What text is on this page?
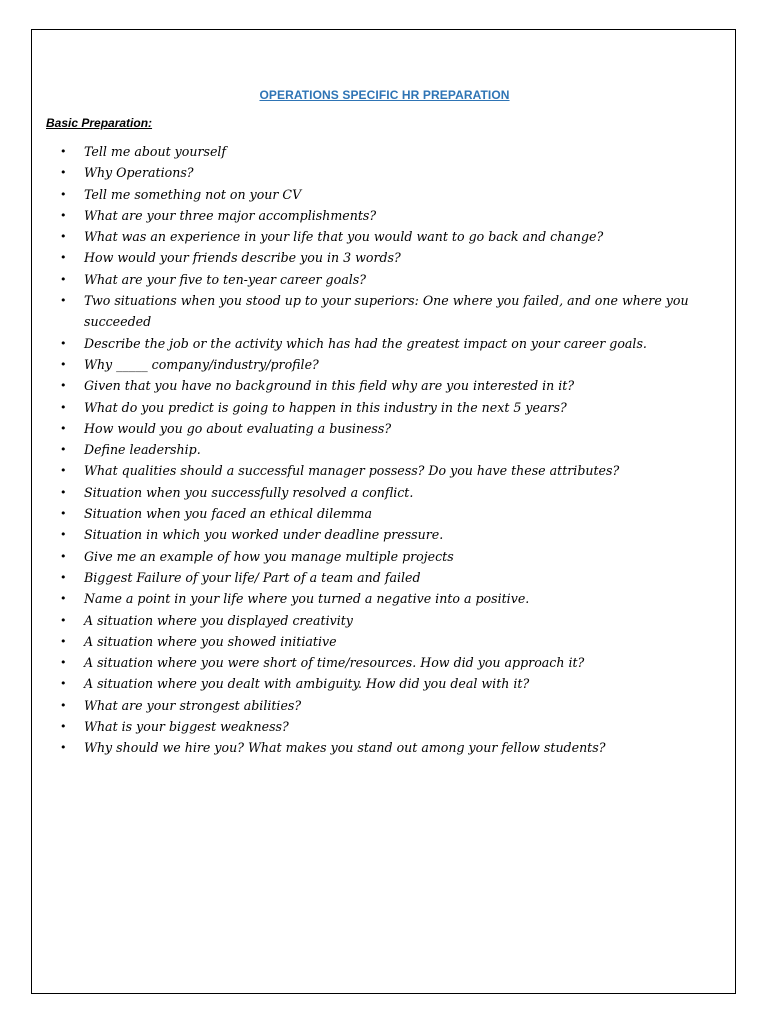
OPERATIONS SPECIFIC HR PREPARATION
Basic Preparation:
• Tell me about yourself
• Why Operations?
• Tell me something not on your CV
• What are your three major accomplishments?
• What was an experience in your life that you would want to go back and change?
• How would your friends describe you in 3 words?
• What are your five to ten-year career goals?
• Two situations when you stood up to your superiors: One where you failed, and one where you succeeded
• Describe the job or the activity which has had the greatest impact on your career goals.
• Why _____ company/industry/profile?
• Given that you have no background in this field why are you interested in it?
• What do you predict is going to happen in this industry in the next 5 years?
• How would you go about evaluating a business?
• Define leadership.
• What qualities should a successful manager possess? Do you have these attributes?
• Situation when you successfully resolved a conflict.
• Situation when you faced an ethical dilemma
• Situation in which you worked under deadline pressure.
• Give me an example of how you manage multiple projects
• Biggest Failure of your life/ Part of a team and failed
• Name a point in your life where you turned a negative into a positive.
• A situation where you displayed creativity
• A situation where you showed initiative
• A situation where you were short of time/resources. How did you approach it?
• A situation where you dealt with ambiguity. How did you deal with it?
• What are your strongest abilities?
• What is your biggest weakness?
• Why should we hire you? What makes you stand out among your fellow students?
